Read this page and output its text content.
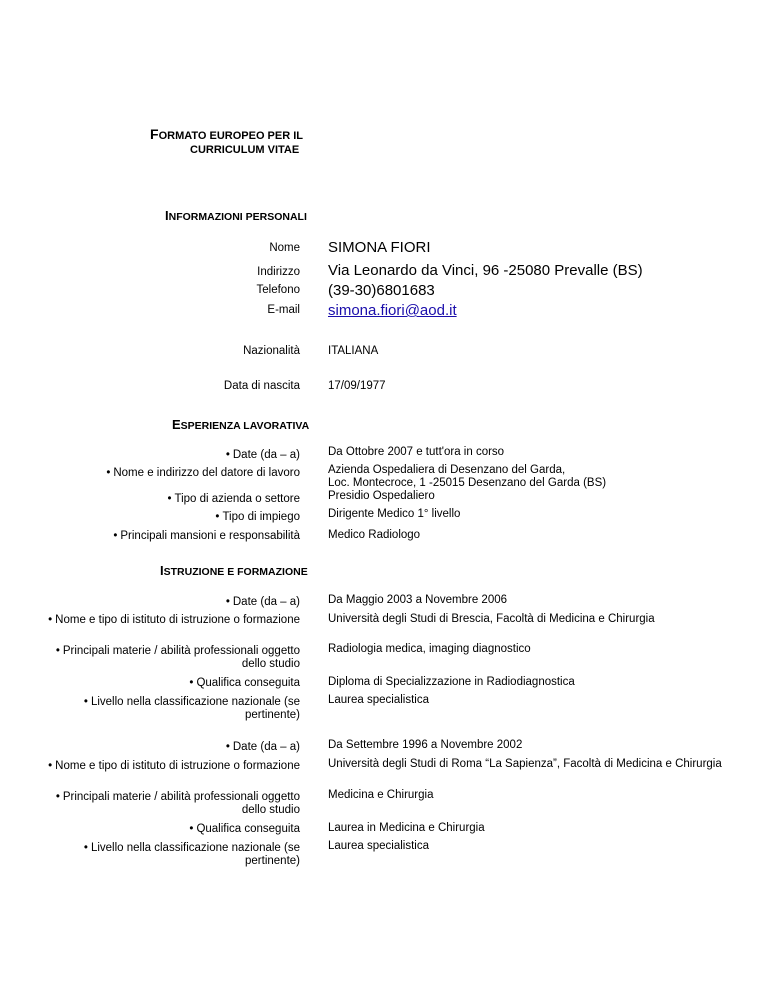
FORMATO EUROPEO PER IL
CURRICULUM VITAE
INFORMAZIONI PERSONALI
Nome SIMONA FIORI
Indirizzo Via Leonardo da Vinci, 96 -25080 Prevalle (BS)
Telefono (39-30)6801683
E-mail simona.fiori@aod.it
Nazionalità ITALIANA
Data di nascita 17/09/1977
ESPERIENZA LAVORATIVA
• Date (da – a) Da Ottobre 2007 e tutt'ora in corso
• Nome e indirizzo del datore di lavoro Azienda Ospedaliera di Desenzano del Garda,
Loc. Montecroce, 1 -25015 Desenzano del Garda (BS)
Presidio Ospedaliero
• Tipo di azienda o settore
• Tipo di impiego Dirigente Medico 1° livello
• Principali mansioni e responsabilità Medico Radiologo
ISTRUZIONE E FORMAZIONE
• Date (da – a) Da Maggio 2003 a Novembre 2006
• Nome e tipo di istituto di istruzione o formazione Università degli Studi di Brescia, Facoltà di Medicina e Chirurgia
• Principali materie / abilità professionali oggetto dello studio
Radiologia medica, imaging diagnostico
• Qualifica conseguita Diploma di Specializzazione in Radiodiagnostica
• Livello nella classificazione nazionale (se pertinente)
Laurea specialistica
• Date (da – a) Da Settembre 1996 a Novembre 2002
• Nome e tipo di istituto di istruzione o formazione Università degli Studi di Roma “La Sapienza”, Facoltà di Medicina e Chirurgia
• Principali materie / abilità professionali oggetto dello studio
Medicina e Chirurgia
• Qualifica conseguita Laurea in Medicina e Chirurgia
• Livello nella classificazione nazionale (se pertinente)
Laurea specialistica
